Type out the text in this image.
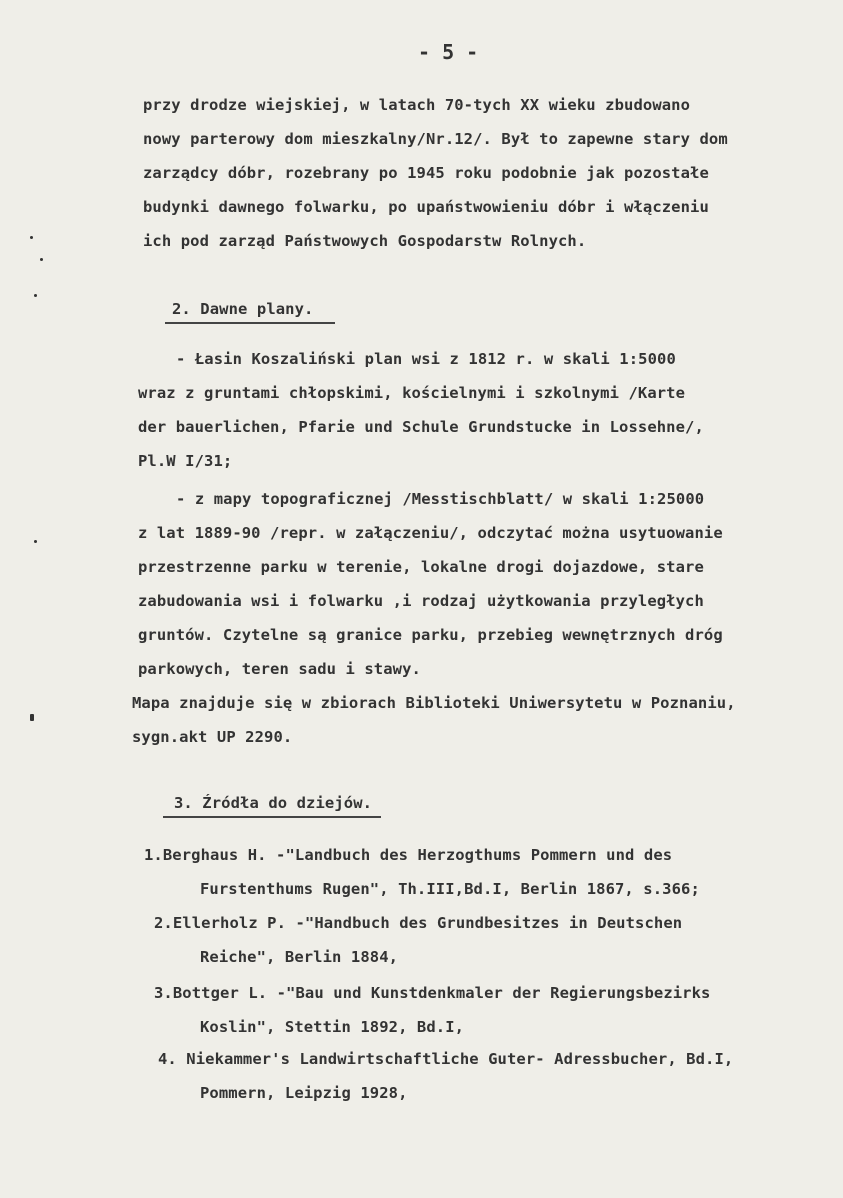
- 5 -
przy drodze wiejskiej, w latach 70-tych XX wieku zbudowano
nowy parterowy dom mieszkalny/Nr.12/. Był to zapewne stary dom
zarządcy dóbr, rozebrany po 1945 roku podobnie jak pozostałe
budynki dawnego folwarku, po upaństwowieniu dóbr i włączeniu
ich pod zarząd Państwowych Gospodarstw Rolnych.
2. Dawne plany.
- Łasin Koszaliński plan wsi z 1812 r. w skali 1:5000
wraz z gruntami chłopskimi, kościelnymi i szkolnymi /Karte
der bauerlichen, Pfarie und Schule Grundstucke in Lossehne/,
Pl.W I/31;
- z mapy topograficznej /Messtischblatt/ w skali 1:25000
z lat 1889-90 /repr. w załączeniu/, odczytać można usytuowanie
przestrzenne parku w terenie, lokalne drogi dojazdowe, stare
zabudowania wsi i folwarku ,i rodzaj użytkowania przyległych
gruntów. Czytelne są granice parku, przebieg wewnętrznych dróg
parkowych, teren sadu i stawy.
Mapa znajduje się w zbiorach Biblioteki Uniwersytetu w Poznaniu,
sygn.akt UP 2290.
3. Źródła do dziejów.
1.Berghaus H. -"Landbuch des Herzogthums Pommern und des
Furstenthums Rugen", Th.III,Bd.I, Berlin 1867, s.366;
2.Ellerholz P. -"Handbuch des Grundbesitzes in Deutschen
Reiche", Berlin 1884,
3.Bottger L. -"Bau und Kunstdenkmaler der Regierungsbezirks
Koslin", Stettin 1892, Bd.I,
4. Niekammer's Landwirtschaftliche Guter- Adressbucher, Bd.I,
Pommern, Leipzig 1928,
